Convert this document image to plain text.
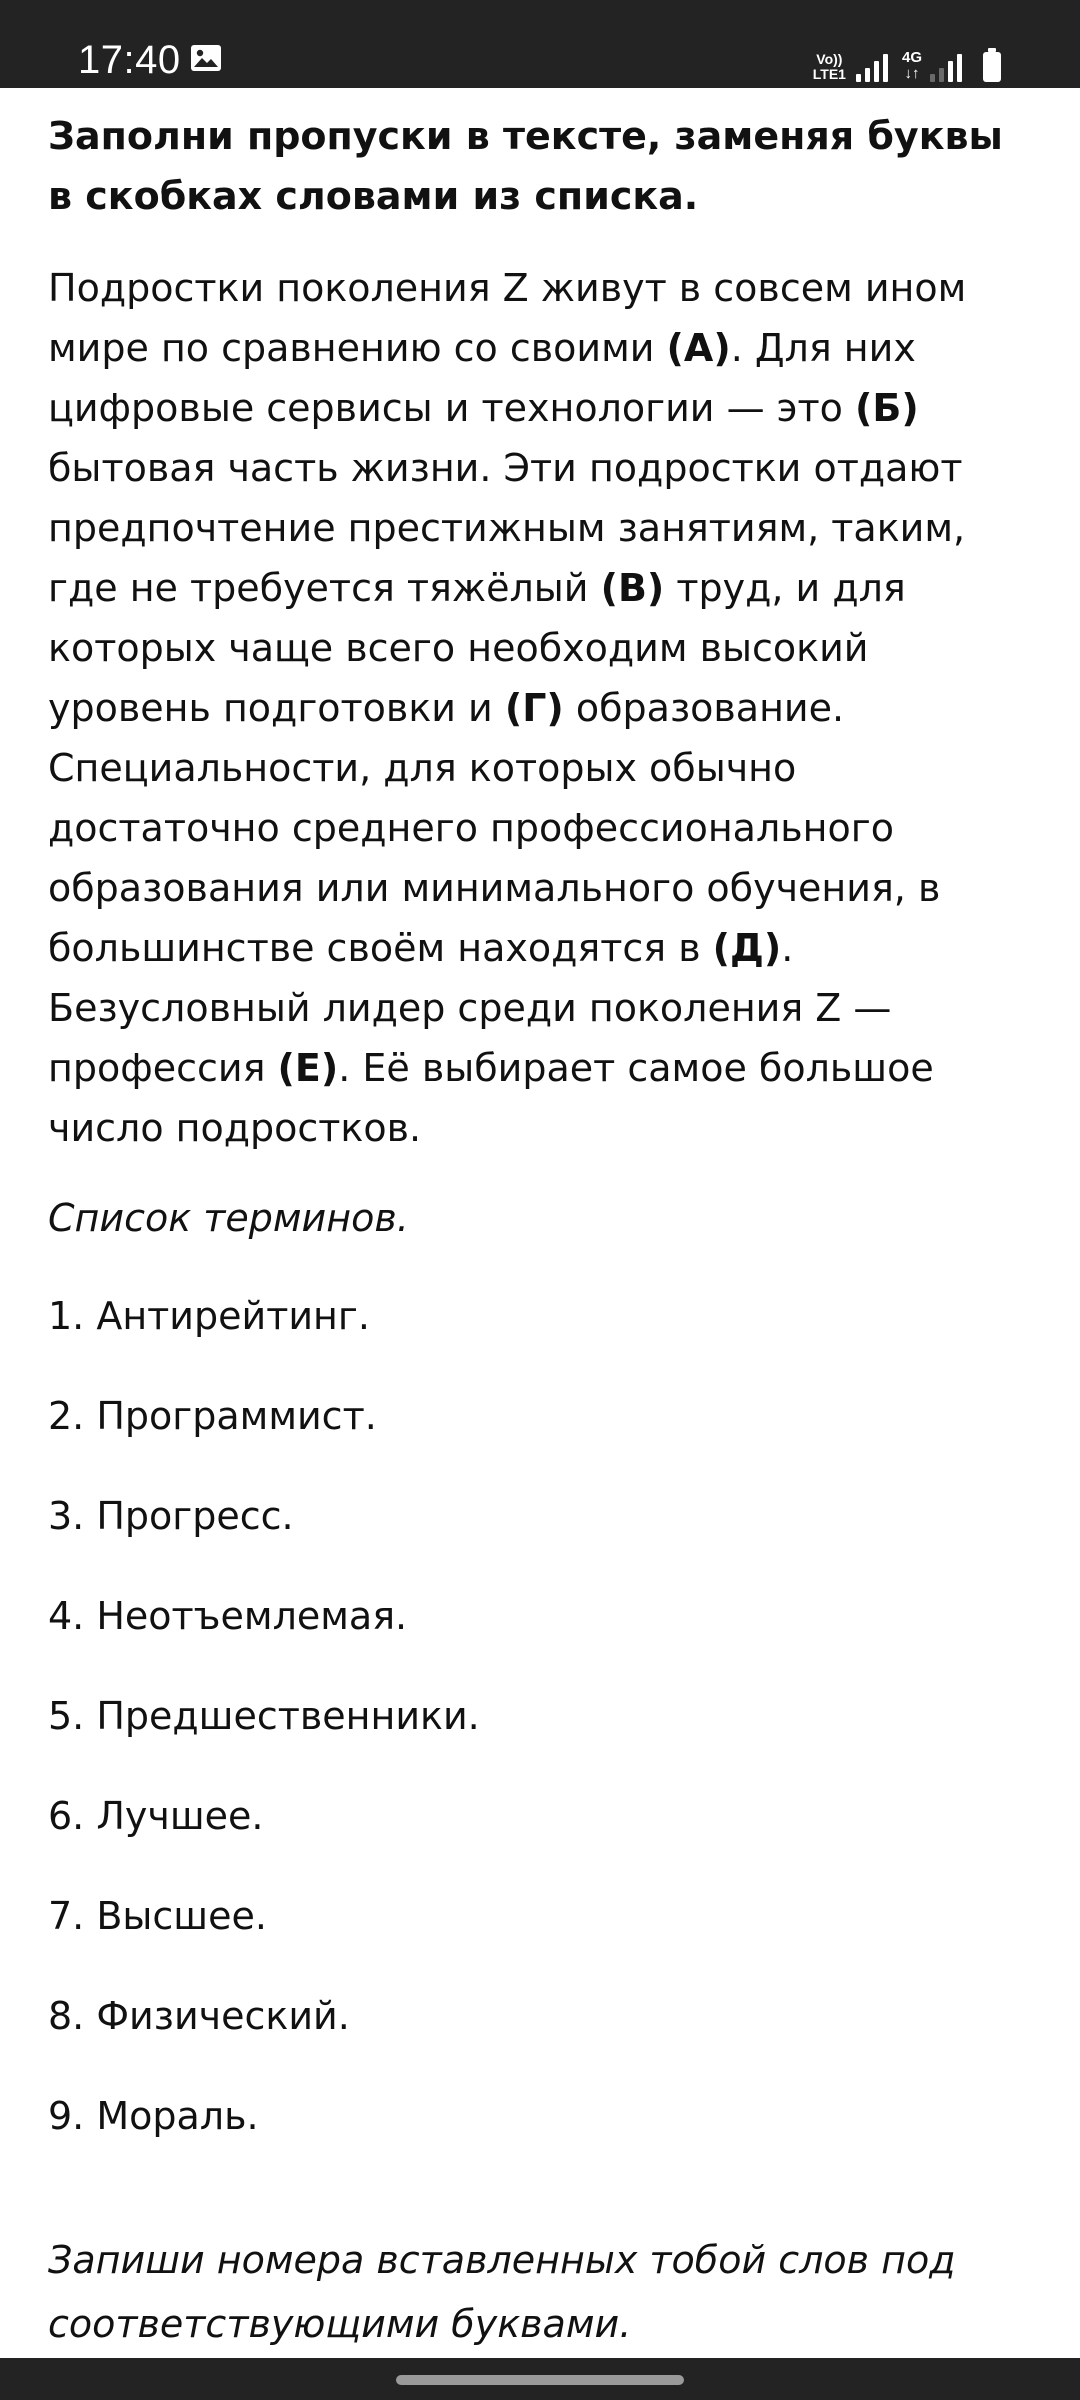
17:40	Vo))
LTE1
4G
↓↑
Заполни пропуски в тексте, заменяя буквы в скобках словами из списка.

Подростки поколения Z живут в совсем ином мире по сравнению со своими (А). Для них цифровые сервисы и технологии — это (Б) бытовая часть жизни. Эти подростки отдают предпочтение престижным занятиям, таким, где не требуется тяжёлый (В) труд, и для которых чаще всего необходим высокий уровень подготовки и (Г) образование. Специальности, для которых обычно достаточно среднего профессионального образования или минимального обучения, в большинстве своём находятся в (Д). Безусловный лидер среди поколения Z — профессия (Е). Её выбирает самое большое число подростков.

Список терминов.
1. Антирейтинг.
2. Программист.
3. Прогресс.
4. Неотъемлемая.
5. Предшественники.
6. Лучшее.
7. Высшее.
8. Физический.
9. Мораль.
Запиши номера вставленных тобой слов под соответствующими буквами.
